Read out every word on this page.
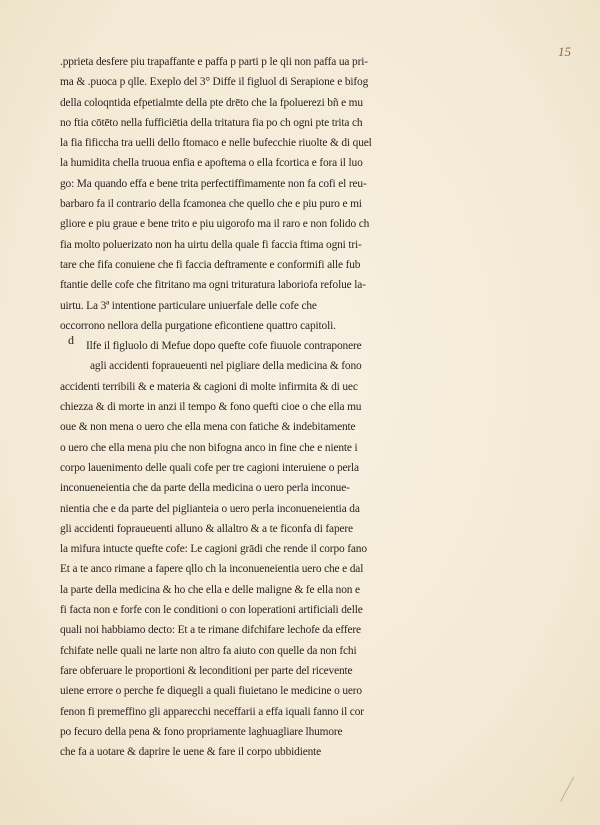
15
d
.pprieta desfere piu trapaffante e paffa p parti p le qli non paffa ua pri-
ma & .puoca p qlle. Exeplo del 3° Diffe il figluol di Serapione e bifog
della coloqntida efpetialmte della pte drēto che la fpoluerezi bñ e mu
no ftia cōtēto nella fufficiētia della tritatura fia po ch ogni pte trita ch
la fia fificcha tra uelli dello ftomaco e nelle bufecchie riuolte & di quel
la humidita chella truoua enfia e apoftema o ella fcortica e fora il luo
go: Ma quando effa e bene trita perfectiffimamente non fa cofi el reu-
barbaro fa il contrario della fcamonea che quello che e piu puro e mi
gliore e piu graue e bene trito e piu uigorofo ma il raro e non folido ch
fia molto poluerizato non ha uirtu della quale fi faccia ftima ogni tri-
tare che fifa conuiene che fi faccia deftramente e conformifi alle fub
ftantie delle cofe che fitritano ma ogni trituratura laboriofa refolue la-
uirtu. La 3ª intentione particulare uniuerfale delle cofe che
occorrono nellora della purgatione eficontiene quattro capitoli.
Ilfe il figluolo di Mefue dopo quefte cofe fiuuole contraponere
agli accidenti fopraueuenti nel pigliare della medicina & fono
accidenti terribili & e materia & cagioni di molte infirmita & di uec
chiezza & di morte in anzi il tempo & fono quefti cioe o che ella mu
oue & non mena o uero che ella mena con fatiche & indebitamente
o uero che ella mena piu che non bifogna anco in fine che e niente i
corpo lauenimento delle quali cofe per tre cagioni interuiene o perla
inconueneientia che da parte della medicina o uero perla inconue-
nientia che e da parte del piglianteia o uero perla inconueneientia da
gli accidenti fopraueuenti alluno & allaltro & a te ficonfa di fapere
la mifura intucte quefte cofe: Le cagioni grādi che rende il corpo fano
Et a te anco rimane a fapere qllo ch la inconueneientia uero che e dal
la parte della medicina & ho che ella e delle maligne & fe ella non e
fi facta non e forfe con le conditioni o con loperationi artificiali delle
quali noi habbiamo decto: Et a te rimane difchifare lechofe da effere
fchifate nelle quali ne larte non altro fa aiuto con quelle da non fchi
fare obferuare le proportioni & leconditioni per parte del ricevente
uiene errore o perche fe diquegli a quali fiuietano le medicine o uero
fenon fi premeffino gli apparecchi neceffarii a effa iquali fanno il cor
po fecuro della pena & fono propriamente laghuagliare lhumore
che fa a uotare & daprire le uene & fare il corpo ubbidiente
